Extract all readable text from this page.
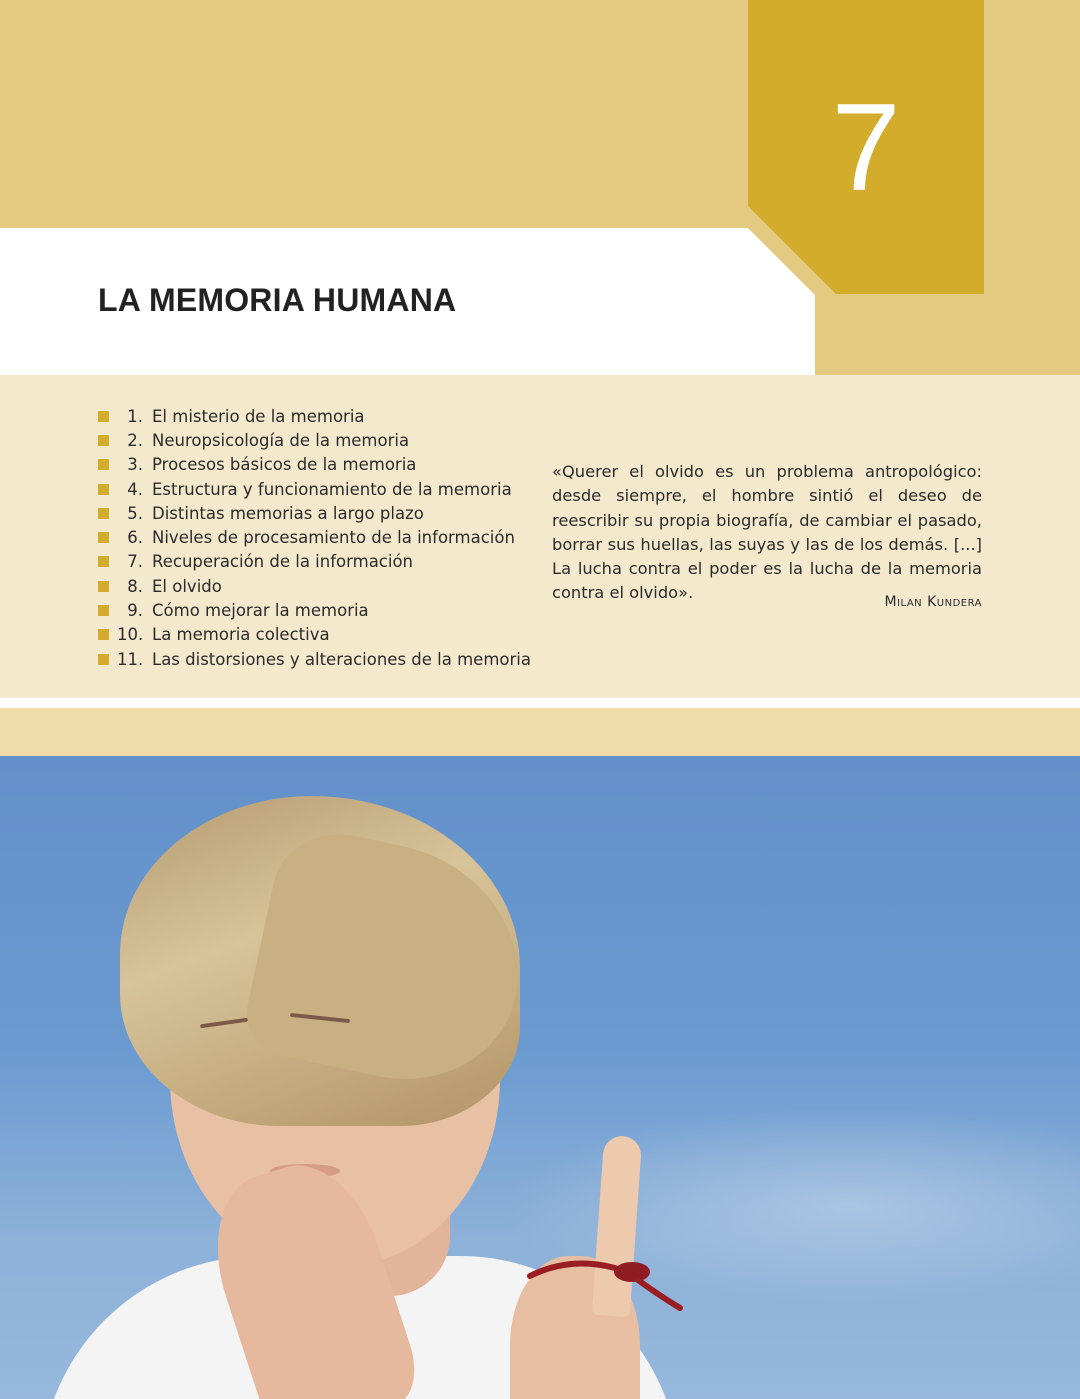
7
LA MEMORIA HUMANA
1. El misterio de la memoria
2. Neuropsicología de la memoria
3. Procesos básicos de la memoria
4. Estructura y funcionamiento de la memoria
5. Distintas memorias a largo plazo
6. Niveles de procesamiento de la información
7. Recuperación de la información
8. El olvido
9. Cómo mejorar la memoria
10. La memoria colectiva
11. Las distorsiones y alteraciones de la memoria

«Querer el olvido es un problema antropológico: desde siempre, el hombre sintió el deseo de reescribir su propia biografía, de cambiar el pasado, borrar sus huellas, las suyas y las de los demás. [...] La lucha contra el poder es la lucha de la memoria contra el olvido».	Milan Kundera
